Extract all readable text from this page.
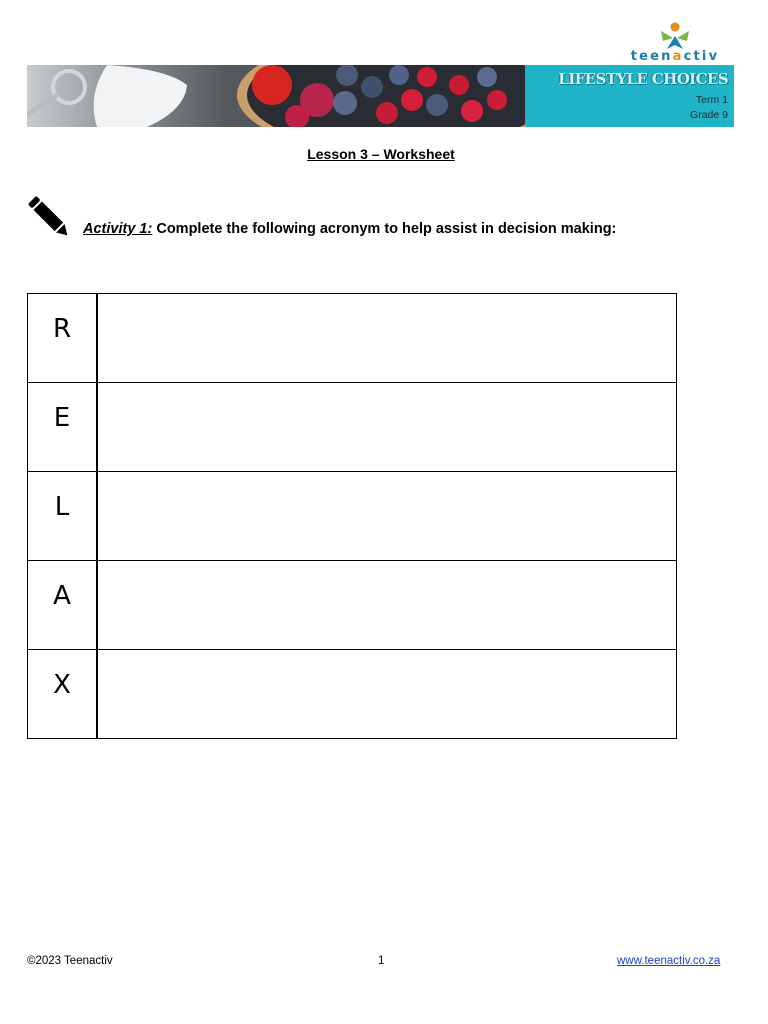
teenactiv
LIFESTYLE CHOICES
Term 1
Grade 9
Lesson 3 – Worksheet
Activity 1: Complete the following acronym to help assist in decision making:
R	
E	
L	
A	
X	
©2023 Teenactiv	1	www.teenactiv.co.za
